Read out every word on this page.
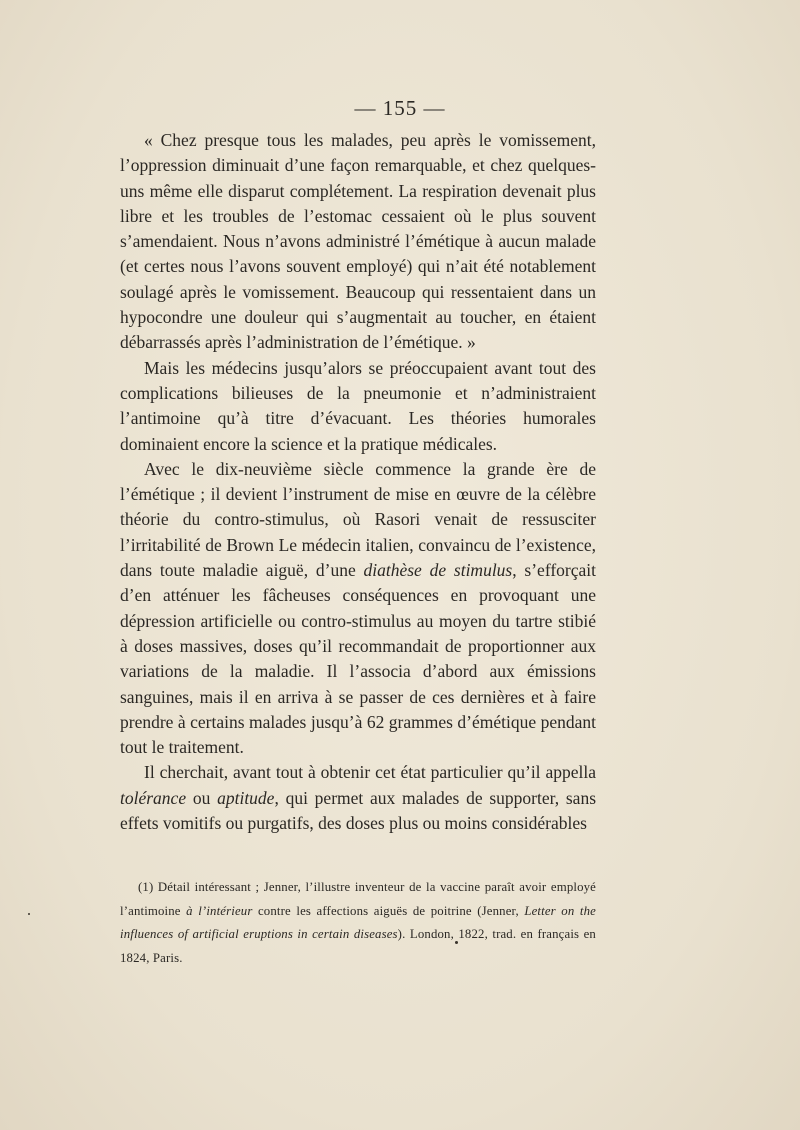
— 155 —

« Chez presque tous les malades, peu après le vomissement, l’oppression diminuait d’une façon remarquable, et chez quelques-uns même elle disparut complétement. La respiration devenait plus libre et les troubles de l’estomac cessaient où le plus souvent s’amendaient. Nous n’avons administré l’émétique à aucun malade (et certes nous l’avons souvent employé) qui n’ait été notablement soulagé après le vomissement. Beaucoup qui ressentaient dans un hypocondre une douleur qui s’augmentait au toucher, en étaient débarrassés après l’administration de l’émétique. »

Mais les médecins jusqu’alors se préoccupaient avant tout des complications bilieuses de la pneumonie et n’administraient l’antimoine qu’à titre d’évacuant. Les théories humorales dominaient encore la science et la pratique médicales.

Avec le dix-neuvième siècle commence la grande ère de l’émétique ; il devient l’instrument de mise en œuvre de la célèbre théorie du contro-stimulus, où Rasori venait de ressusciter l’irritabilité de Brown Le médecin italien, convaincu de l’existence, dans toute maladie aiguë, d’une diathèse de stimulus, s’efforçait d’en atténuer les fâcheuses conséquences en provoquant une dépression artificielle ou contro-stimulus au moyen du tartre stibié à doses massives, doses qu’il recommandait de proportionner aux variations de la maladie. Il l’associa d’abord aux émissions sanguines, mais il en arriva à se passer de ces dernières et à faire prendre à certains malades jusqu’à 62 grammes d’émétique pendant tout le traitement.

Il cherchait, avant tout à obtenir cet état particulier qu’il appella tolérance ou aptitude, qui permet aux malades de supporter, sans effets vomitifs ou purgatifs, des doses plus ou moins considérables

(1) Détail intéressant ; Jenner, l’illustre inventeur de la vaccine paraît avoir employé l’antimoine à l’intérieur contre les affections aiguës de poitrine (Jenner, Letter on the influences of artificial eruptions in certain diseases). London, 1822, trad. en français en 1824, Paris.
